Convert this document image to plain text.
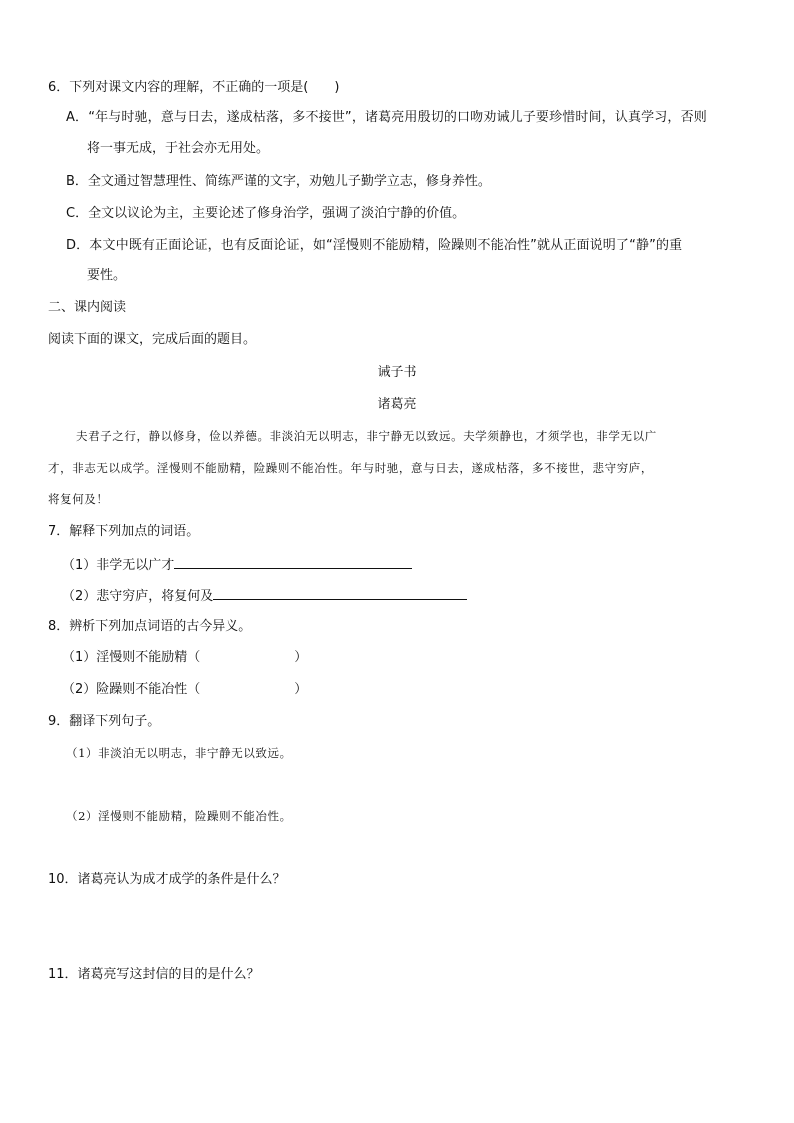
6．下列对课文内容的理解，不正确的一项是(　　)
A．“年与时驰，意与日去，遂成枯落，多不接世”，诸葛亮用殷切的口吻劝诫儿子要珍惜时间，认真学习，否则
将一事无成，于社会亦无用处。
B．全文通过智慧理性、简练严谨的文字，劝勉儿子勤学立志，修身养性。
C．全文以议论为主，主要论述了修身治学，强调了淡泊宁静的价值。
D．本文中既有正面论证，也有反面论证，如“淫慢则不能励精，险躁则不能冶性”就从正面说明了“静”的重
要性。
二、课内阅读
阅读下面的课文，完成后面的题目。
诫子书
诸葛亮
夫君子之行，静以修身，俭以养德。非淡泊无以明志，非宁静无以致远。夫学须静也，才须学也，非学无以广
才，非志无以成学。淫慢则不能励精，险躁则不能冶性。年与时驰，意与日去，遂成枯落，多不接世，悲守穷庐，
将复何及！
7．解释下列加点的词语。
（1）非学无以广才
（2）悲守穷庐，将复何及
8．辨析下列加点词语的古今异义。
（1）淫慢则不能励精（	）
（2）险躁则不能冶性（	）
9．翻译下列句子。
（1）非淡泊无以明志，非宁静无以致远。
（2）淫慢则不能励精，险躁则不能冶性。
10．诸葛亮认为成才成学的条件是什么？
11．诸葛亮写这封信的目的是什么？
